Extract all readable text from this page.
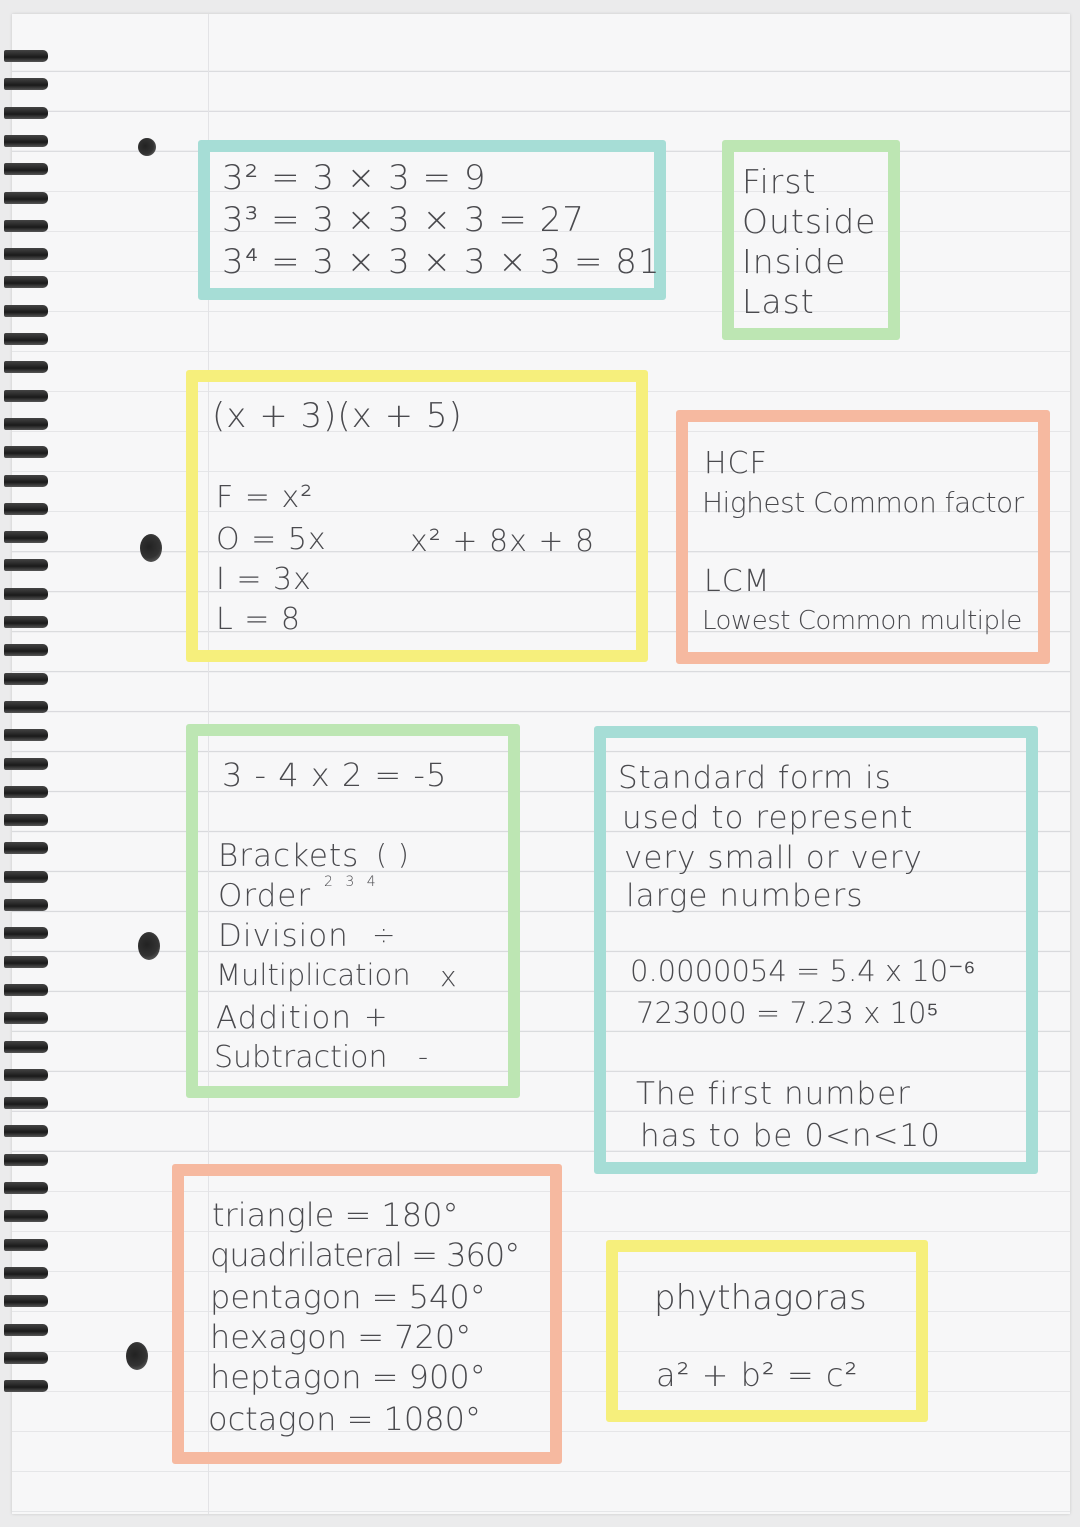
3² = 3 × 3 = 9
3³ = 3 × 3 × 3 = 27
3⁴ = 3 × 3 × 3 × 3 = 81
First
Outside
Inside
Last
(x + 3)(x + 5)
F = x²
O = 5x
I = 3x
L = 8
x² + 8x + 8
HCF
Highest Common factor
LCM
Lowest Common multiple
3 - 4 x 2 = -5
Brackets ( )
Order 2 3 4
Division ÷
Multiplication x
Addition +
Subtraction -
Standard form is
used to represent
very small or very
large numbers
0.0000054 = 5.4 x 10⁻⁶
723000 = 7.23 x 10⁵
The first number
has to be 0<n<10
triangle = 180°
quadrilateral = 360°
pentagon = 540°
hexagon = 720°
heptagon = 900°
octagon = 1080°
phythagoras
a² + b² = c²
